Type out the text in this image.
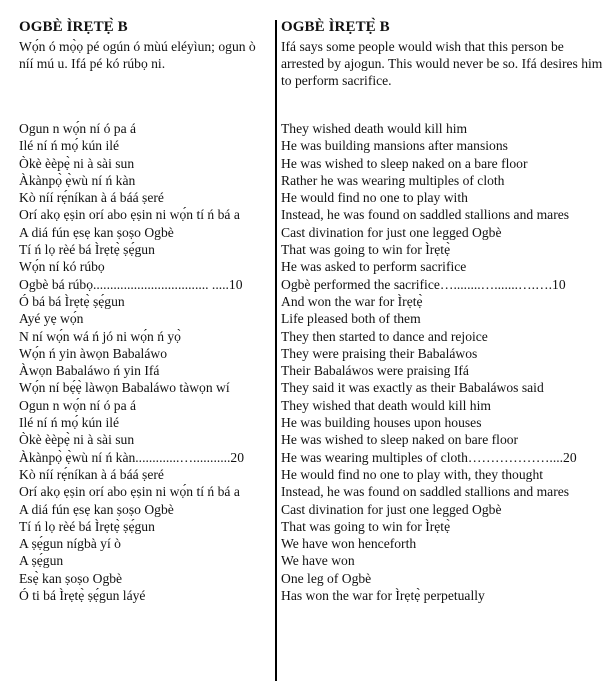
OGBÈ ÌRẸTẸ̀ B

Wọ́n ó mọ̀ọ pé ogún ó mùú eléyìun; ogun ò níí mú u. Ifá pé kó rúbọ ni.

Ogun n wọ́n ní ó pa á
Ilé ní ń mọ́ kún ilé
Òkè èèpẹ̀ ni à sài sun
Àkànpọ̀ ẹ̀wù ní ń kàn
Kò níí rẹ́níkan à á báá ṣeré
Orí akọ ẹṣin orí abo ẹṣin ni wọ́n tí ń bá a
A diá fún ẹsẹ kan ṣoṣo Ogbè
Tí ń lọ rèé bá Ìrẹtẹ̀ ṣẹ́gun
Wọ́n ní kó rúbọ
Ogbè bá rúbọ.................................. .....10
Ó bá bá Ìrẹtẹ̀ ṣẹ́gun
Ayé yẹ wọ́n
N ní wọ́n wá ń jó ni wọ́n ń yọ̀
Wọ́n ń yin àwọn Babaláwo
Àwọn Babaláwo ń yin Ifá
Wọ́n ní bẹ́ẹ̀ làwọn Babaláwo tàwọn wí
Ogun n wọ́n ní ó pa á
Ilé ní ń mọ́ kún ilé
Òkè èèpẹ̀ ni à sài sun
Àkànpọ̀ ẹ̀wù ní ń kàn.............…...........20
Kò níí rẹ́níkan à á báá ṣeré
Orí akọ ẹṣin orí abo ẹṣin ni wọ́n tí ń bá a
A diá fún ẹsẹ kan ṣoṣo Ogbè
Tí ń lọ rèé bá Ìrẹtẹ̀ ṣẹ́gun
A ṣẹ́gun nígbà yí ò
A ṣẹ́gun
Esẹ̀ kan ṣoṣo Ogbè
Ó ti bá Ìrẹtẹ̀ ṣẹ́gun láyé
OGBÈ ÌRẸTẸ̀ B

Ifá says some people would wish that this person be arrested by ajogun. This would never be so. Ifá desires him to perform sacrifice.

They wished death would kill him
He was building mansions after mansions
He was wished to sleep naked on a bare floor
Rather he was wearing multiples of cloth
He would find no one to play with
Instead, he was found on saddled stallions and mares
Cast divination for just one legged Ogbè
That was going to win for Ìrẹtẹ̀
He was asked to perform sacrifice
Ogbè performed the sacrifice…........….......….….10
And won the war for Ìrẹtẹ̀
Life pleased both of them
They then started to dance and rejoice
They were praising their Babaláwos
Their Babaláwos were praising Ifá
They said it was exactly as their Babaláwos said
They wished that death would kill him
He was building houses upon houses
He was wished to sleep naked on bare floor
He was wearing multiples of cloth………………....20
He would find no one to play with, they thought
Instead, he was found on saddled stallions and mares
Cast divination for just one legged Ogbè
That was going to win for Ìrẹtẹ̀
We have won henceforth
We have won
One leg of Ogbè
Has won the war for Ìrẹtẹ̀ perpetually
